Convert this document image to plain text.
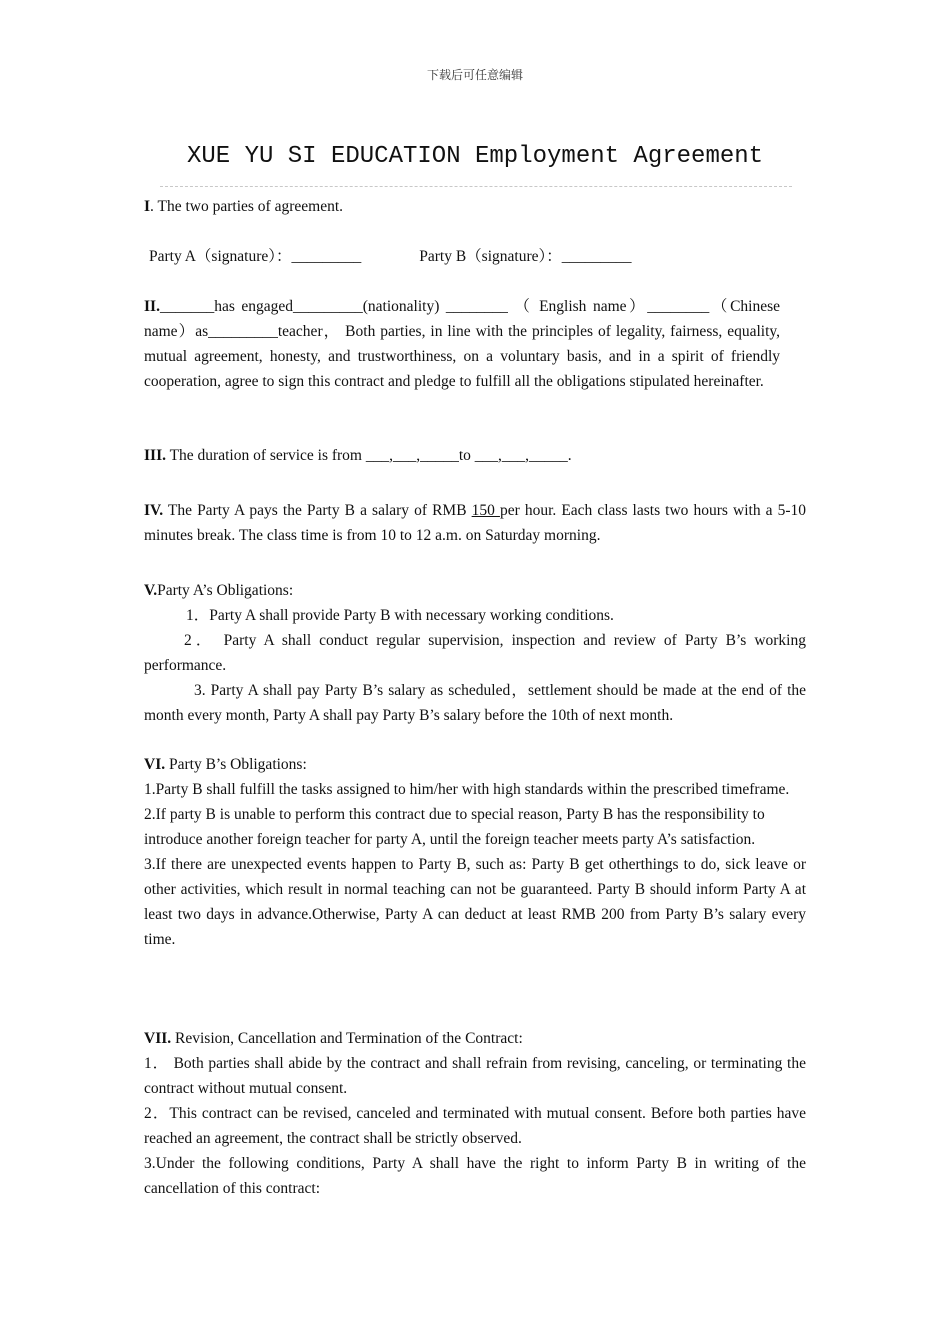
下载后可任意编辑
XUE YU SI EDUCATION Employment Agreement

I. The two parties of agreement.

Party A（signature）：_________	Party B（signature）：_________

II._______has engaged_________(nationality) ________ （ English name）________（Chinese name）as_________teacher， Both parties, in line with the principles of legality, fairness, equality, mutual agreement, honesty, and trustworthiness, on a voluntary basis, and in a spirit of friendly cooperation, agree to sign this contract and pledge to fulfill all the obligations stipulated hereinafter.

III. The duration of service is from ___,___,_____to ___,___,_____.

IV. The Party A pays the Party B a salary of RMB 150 per hour. Each class lasts two hours with a 5-10 minutes break. The class time is from 10 to 12 a.m. on Saturday morning.

V.Party A’s Obligations:

1．Party A shall provide Party B with necessary working conditions.

2． Party A shall conduct regular supervision, inspection and review of Party B’s working performance.

3. Party A shall pay Party B’s salary as scheduled，settlement should be made at the end of the month every month, Party A shall pay Party B’s salary before the 10th of next month.

VI. Party B’s Obligations:

1.Party B shall fulfill the tasks assigned to him/her with high standards within the prescribed timeframe.

2.If party B is unable to perform this contract due to special reason, Party B has the responsibility to introduce another foreign teacher for party A, until the foreign teacher meets party A’s satisfaction.

3.If there are unexpected events happen to Party B, such as: Party B get otherthings to do, sick leave or other activities, which result in normal teaching can not be guaranteed. Party B should inform Party A at least two days in advance.Otherwise, Party A can deduct at least RMB 200 from Party B’s salary every time.

VII. Revision, Cancellation and Termination of the Contract:

1． Both parties shall abide by the contract and shall refrain from revising, canceling, or terminating the contract without mutual consent.

2．This contract can be revised, canceled and terminated with mutual consent. Before both parties have reached an agreement, the contract shall be strictly observed.

3.Under the following conditions, Party A shall have the right to inform Party B in writing of the cancellation of this contract:
